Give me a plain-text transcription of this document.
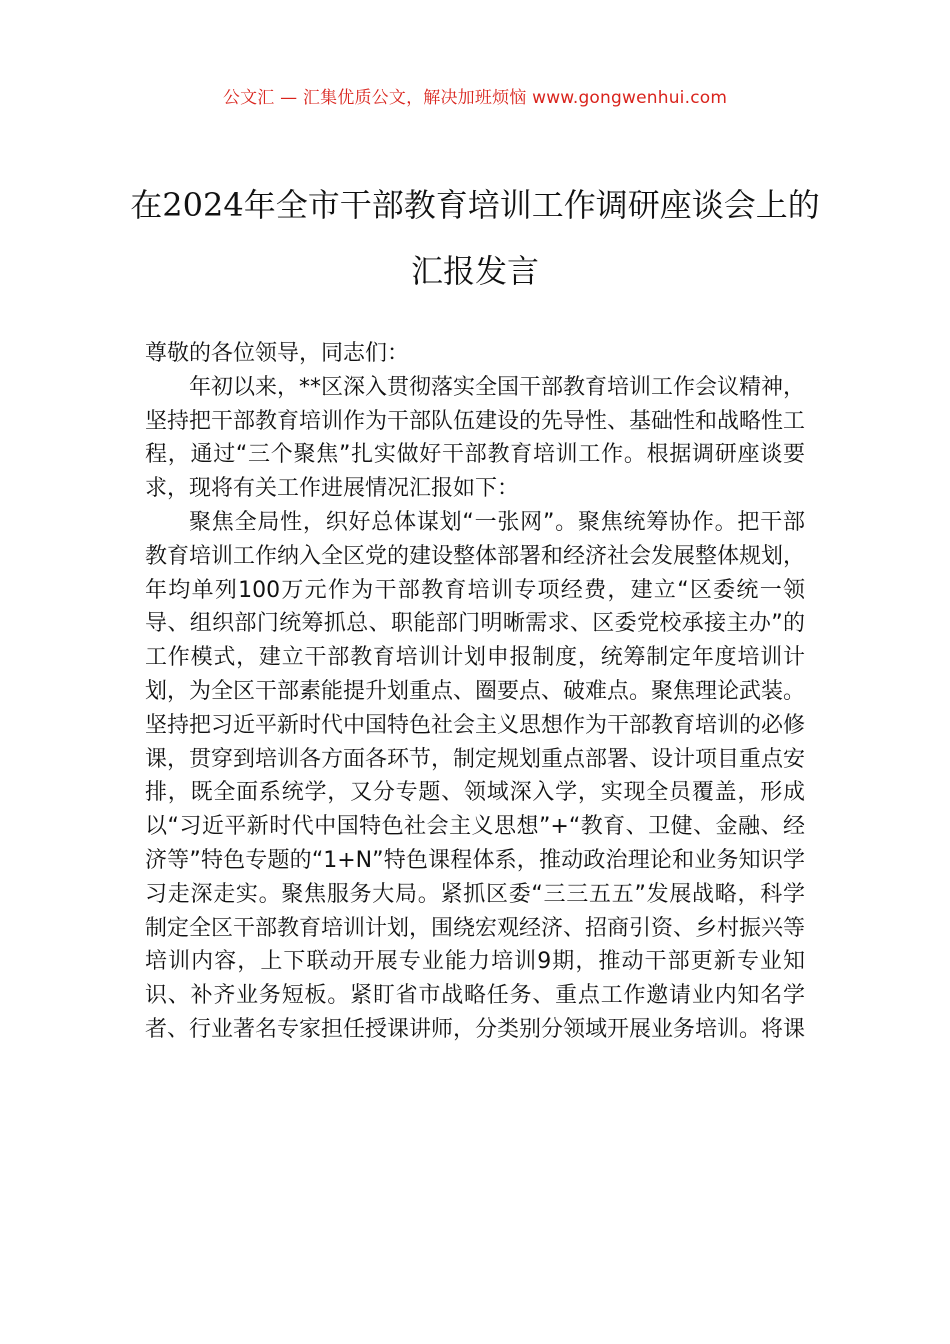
公文汇 — 汇集优质公文，解决加班烦恼 www.gongwenhui.com
在2024年全市干部教育培训工作调研座谈会上的汇报发言

尊敬的各位领导，同志们：

年初以来，**区深入贯彻落实全国干部教育培训工作会议精神，坚持把干部教育培训作为干部队伍建设的先导性、基础性和战略性工程，通过“三个聚焦”扎实做好干部教育培训工作。根据调研座谈要求，现将有关工作进展情况汇报如下：

聚焦全局性，织好总体谋划“一张网”。聚焦统筹协作。把干部教育培训工作纳入全区党的建设整体部署和经济社会发展整体规划，年均单列100万元作为干部教育培训专项经费，建立“区委统一领导、组织部门统筹抓总、职能部门明晰需求、区委党校承接主办”的工作模式，建立干部教育培训计划申报制度，统筹制定年度培训计划，为全区干部素能提升划重点、圈要点、破难点。聚焦理论武装。坚持把习近平新时代中国特色社会主义思想作为干部教育培训的必修课，贯穿到培训各方面各环节，制定规划重点部署、设计项目重点安排，既全面系统学，又分专题、领域深入学，实现全员覆盖，形成以“习近平新时代中国特色社会主义思想”+“教育、卫健、金融、经济等”特色专题的“1+N”特色课程体系，推动政治理论和业务知识学习走深走实。聚焦服务大局。紧抓区委“三三五五”发展战略，科学制定全区干部教育培训计划，围绕宏观经济、招商引资、乡村振兴等培训内容，上下联动开展专业能力培训9期，推动干部更新专业知识、补齐业务短板。紧盯省市战略任务、重点工作邀请业内知名学者、行业著名专家担任授课讲师，分类别分领域开展业务培训。将课
